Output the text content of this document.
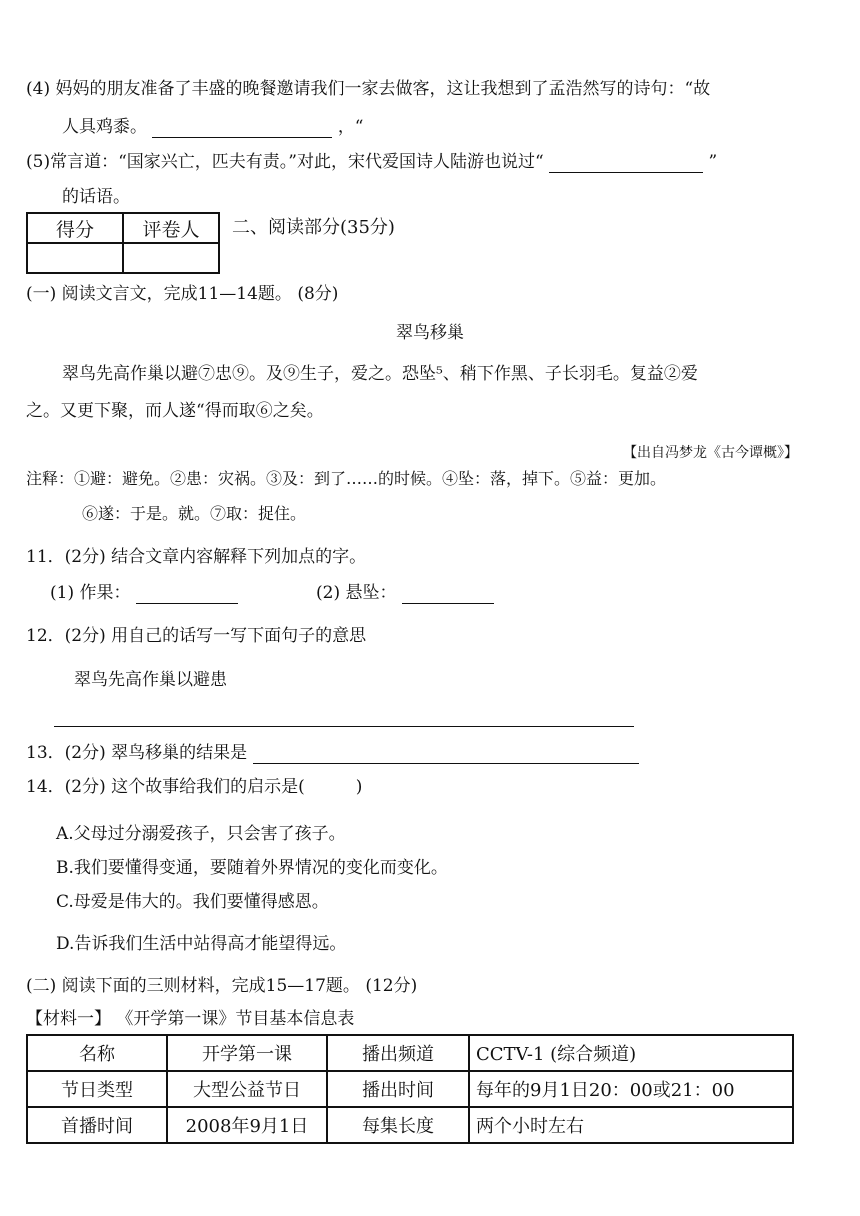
(4) 妈妈的朋友准备了丰盛的晚餐邀请我们一家去做客，这让我想到了孟浩然写的诗句：“故
人具鸡黍。	，“
(5)常言道：“国家兴亡，匹夫有责。”对此，宋代爱国诗人陆游也说过“	”
的话语。
得分	评卷人
	二、阅读部分(35分)
(一) 阅读文言文，完成11—14题。 (8分)
翠鸟移巢
翠鸟先高作巢以避⑦忠⑨。及⑨生子，爱之。恐坠⁵、稍下作黑、子长羽毛。复益②爱
之。又更下聚，而人遂“得而取⑥之矣。
【出自冯梦龙《古今谭概》】
注释：①避：避免。②患：灾祸。③及：到了……的时候。④坠：落，掉下。⑤益：更加。
⑥遂：于是。就。⑦取：捉住。
11．(2分) 结合文章内容解释下列加点的字。
(1) 作果：	(2) 悬坠：
12．(2分) 用自己的话写一写下面句子的意思
翠鸟先高作巢以避患
13．(2分) 翠鸟移巢的结果是
14．(2分) 这个故事给我们的启示是(　　　)
A.父母过分溺爱孩子，只会害了孩子。
B.我们要懂得变通，要随着外界情况的变化而变化。
C.母爱是伟大的。我们要懂得感恩。
D.告诉我们生活中站得高才能望得远。
(二) 阅读下面的三则材料，完成15—17题。 (12分)
【材料一】 《开学第一课》节目基本信息表
名称	开学第一课	播出频道	CCTV-1 (综合频道)
节日类型	大型公益节日	播出时间	每年的9月1日20：00或21：00
首播时间	2008年9月1日	每集长度	两个小时左右
